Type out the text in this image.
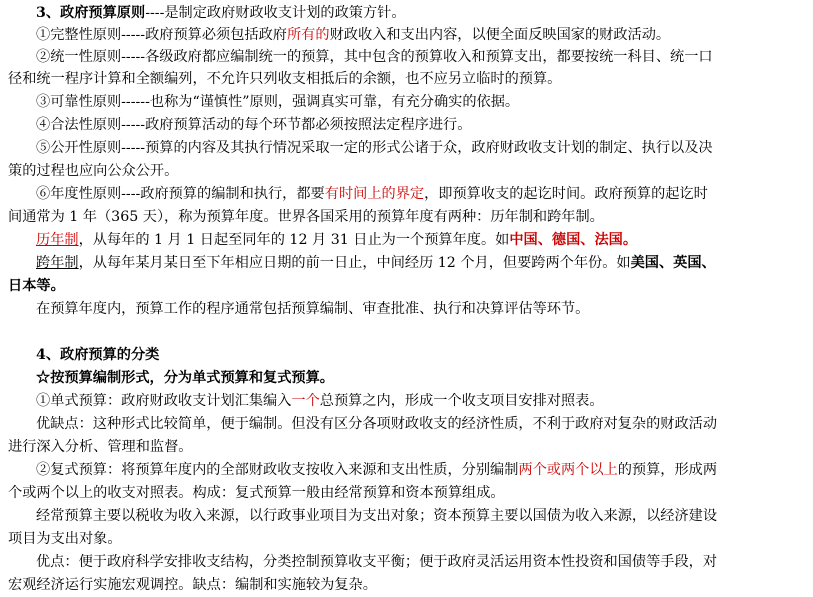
3、政府预算原则----是制定政府财政收支计划的政策方针。
①完整性原则-----政府预算必须包括政府所有的财政收入和支出内容，以便全面反映国家的财政活动。
②统一性原则-----各级政府都应编制统一的预算，其中包含的预算收入和预算支出，都要按统一科目、统一口
径和统一程序计算和全额编列，不允许只列收支相抵后的余额，也不应另立临时的预算。
③可靠性原则------也称为“谨慎性”原则，强调真实可靠，有充分确实的依据。
④合法性原则-----政府预算活动的每个环节都必须按照法定程序进行。
⑤公开性原则-----预算的内容及其执行情况采取一定的形式公诸于众，政府财政收支计划的制定、执行以及决
策的过程也应向公众公开。
⑥年度性原则----政府预算的编制和执行，都要有时间上的界定，即预算收支的起讫时间。政府预算的起讫时
间通常为 1 年（365 天），称为预算年度。世界各国采用的预算年度有两种：历年制和跨年制。
历年制，从每年的 1 月 1 日起至同年的 12 月 31 日止为一个预算年度。如中国、德国、法国。
跨年制，从每年某月某日至下年相应日期的前一日止，中间经历 12 个月，但要跨两个年份。如美国、英国、
日本等。
在预算年度内，预算工作的程序通常包括预算编制、审查批准、执行和决算评估等环节。
4、政府预算的分类
☆按预算编制形式，分为单式预算和复式预算。
①单式预算：政府财政收支计划汇集编入一个总预算之内，形成一个收支项目安排对照表。
优缺点：这种形式比较简单，便于编制。但没有区分各项财政收支的经济性质，不利于政府对复杂的财政活动
进行深入分析、管理和监督。
②复式预算：将预算年度内的全部财政收支按收入来源和支出性质，分别编制两个或两个以上的预算，形成两
个或两个以上的收支对照表。构成：复式预算一般由经常预算和资本预算组成。
经常预算主要以税收为收入来源，以行政事业项目为支出对象；资本预算主要以国债为收入来源，以经济建设
项目为支出对象。
优点：便于政府科学安排收支结构，分类控制预算收支平衡；便于政府灵活运用资本性投资和国债等手段，对
宏观经济运行实施宏观调控。缺点：编制和实施较为复杂。
